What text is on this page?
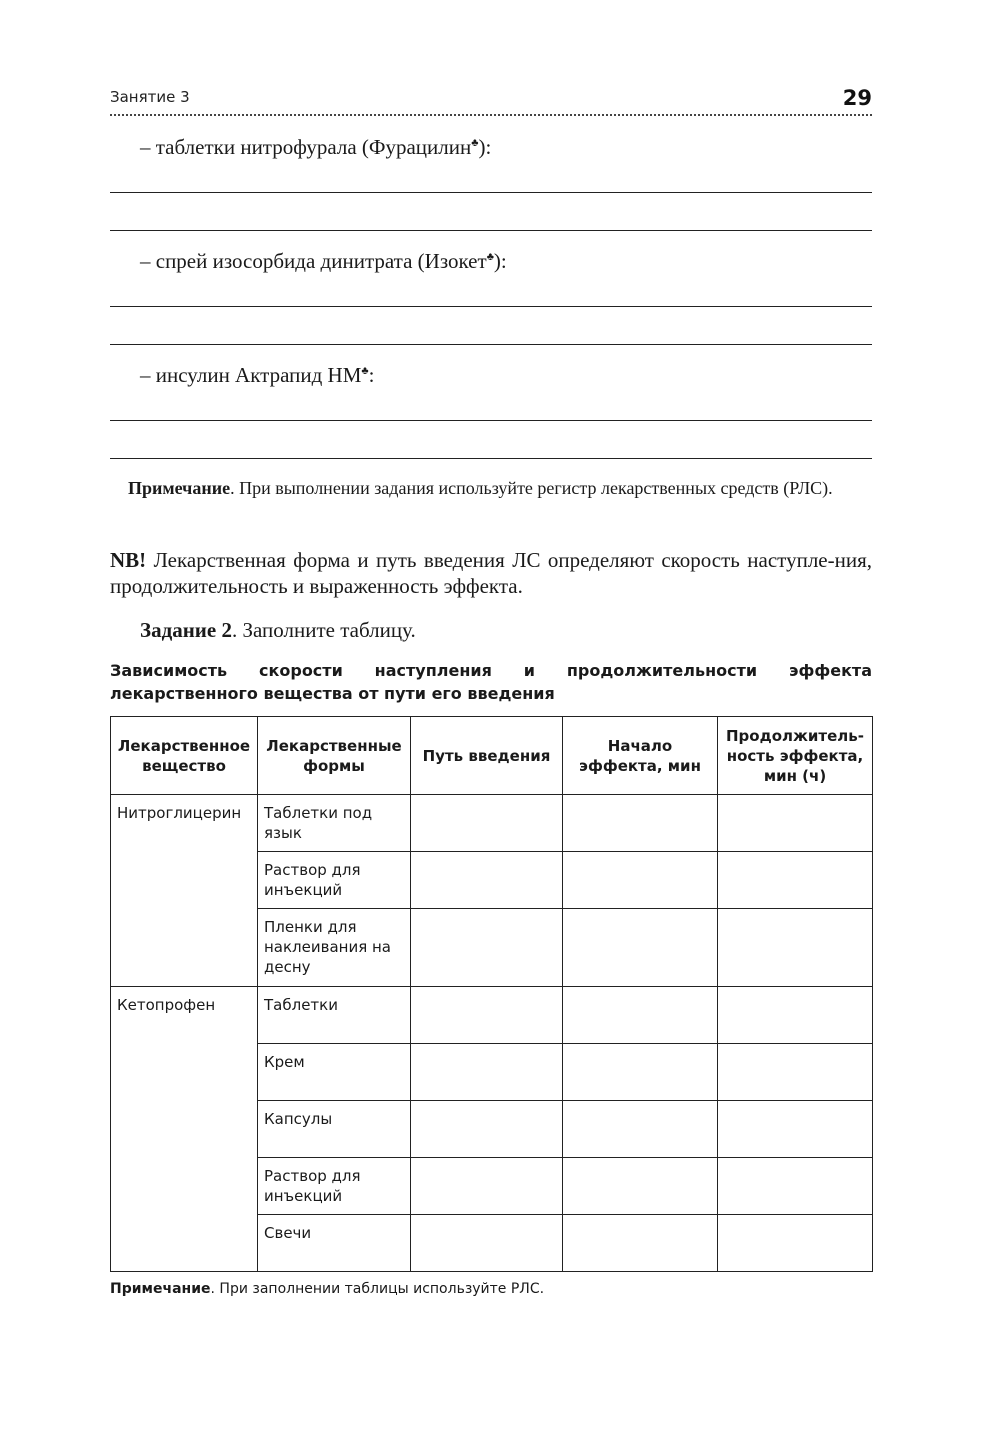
Занятие 3	29
– таблетки нитрофурала (Фурацилин♣):
– спрей изосорбида динитрата (Изокет♣):
– инсулин Актрапид НМ♣:
Примечание. При выполнении задания используйте регистр лекарственных средств (РЛС).
NB! Лекарственная форма и путь введения ЛС определяют скорость наступле-ния, продолжительность и выраженность эффекта.
Задание 2. Заполните таблицу.
Зависимость скорости наступления и продолжительности эффекта лекарственного вещества от пути его введения
Лекарственное вещество	Лекарственные формы	Путь введения	Начало эффекта, мин	Продолжитель-ность эффекта, мин (ч)
Нитроглицерин	Таблетки под язык			
	Раствор для инъекций			
	Пленки для наклеивания на десну			
Кетопрофен	Таблетки			
	Крем			
	Капсулы			
	Раствор для инъекций			
	Свечи			
Примечание. При заполнении таблицы используйте РЛС.
